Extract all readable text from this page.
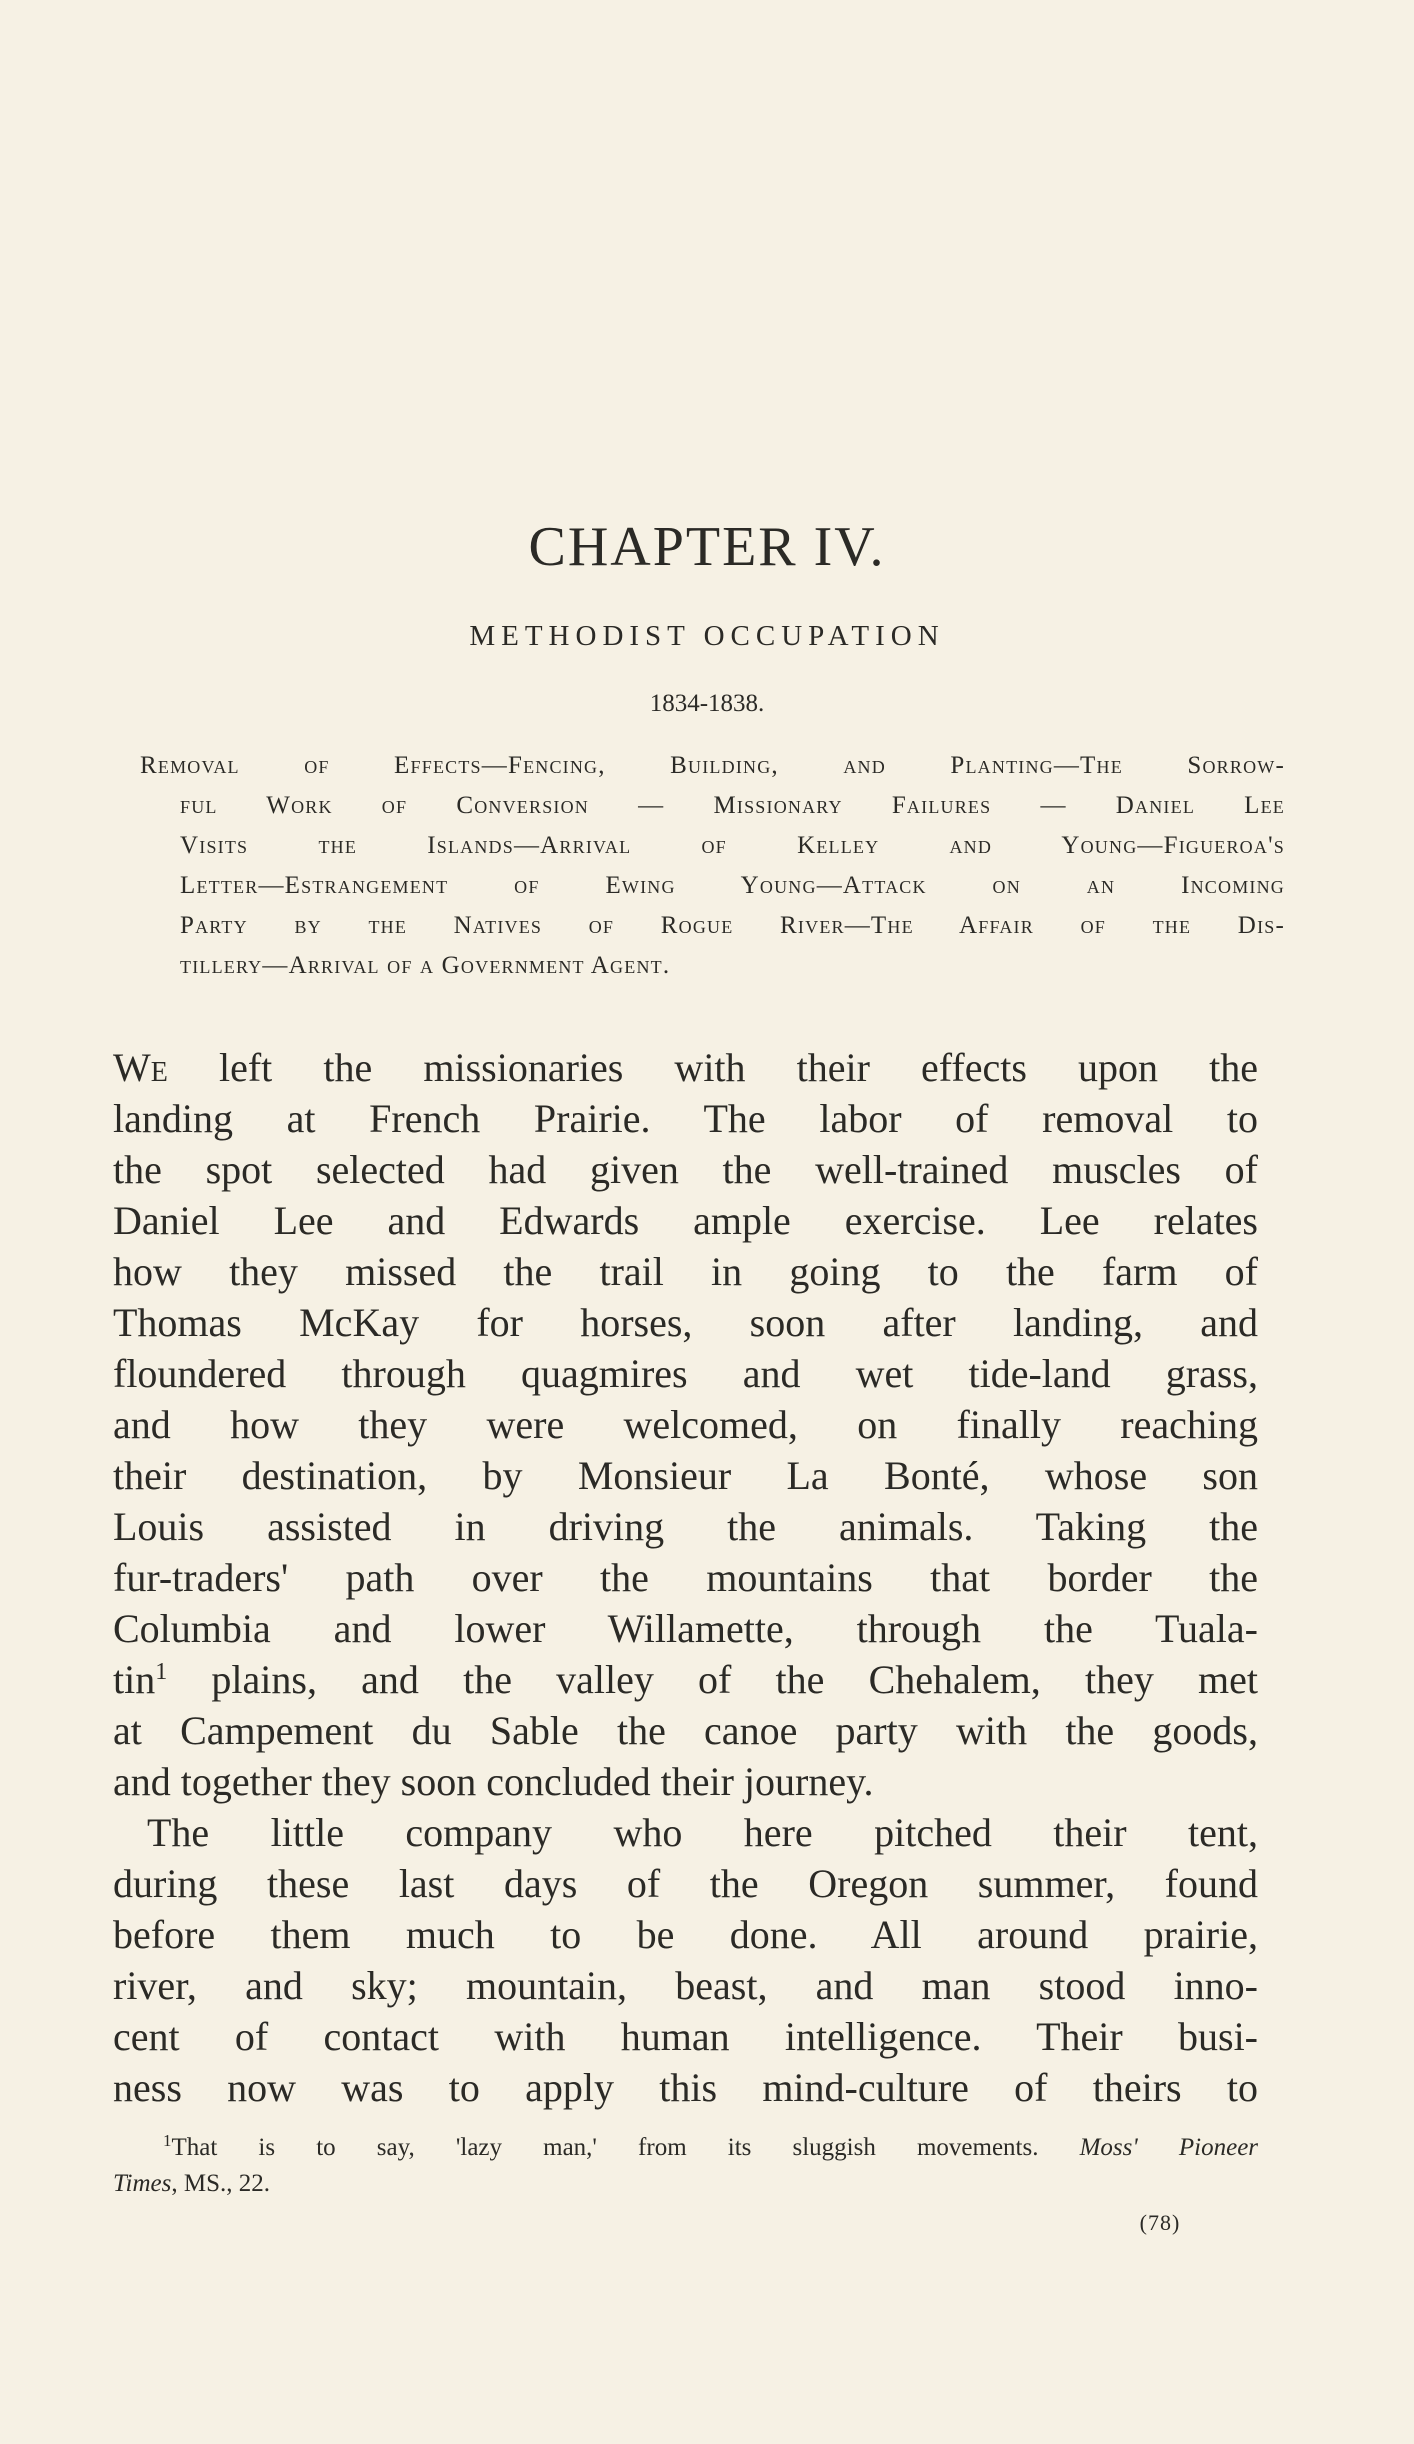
CHAPTER IV.
METHODIST OCCUPATION
1834-1838.
Removal of Effects—Fencing, Building, and Planting—The Sorrow-
ful Work of Conversion — Missionary Failures — Daniel Lee
Visits the Islands—Arrival of Kelley and Young—Figueroa's
Letter—Estrangement of Ewing Young—Attack on an Incoming
Party by the Natives of Rogue River—The Affair of the Dis-
tillery—Arrival of a Government Agent.
We left the missionaries with their effects upon the
landing at French Prairie. The labor of removal to
the spot selected had given the well-trained muscles of
Daniel Lee and Edwards ample exercise. Lee relates
how they missed the trail in going to the farm of
Thomas McKay for horses, soon after landing, and
floundered through quagmires and wet tide-land grass,
and how they were welcomed, on finally reaching
their destination, by Monsieur La Bonté, whose son
Louis assisted in driving the animals. Taking the
fur-traders' path over the mountains that border the
Columbia and lower Willamette, through the Tuala-
tin$^1$ plains, and the valley of the Chehalem, they met
at Campement du Sable the canoe party with the goods,
and together they soon concluded their journey.
The little company who here pitched their tent,
during these last days of the Oregon summer, found
before them much to be done. All around prairie,
river, and sky; mountain, beast, and man stood inno-
cent of contact with human intelligence. Their busi-
ness now was to apply this mind-culture of theirs to
$^1$That is to say, 'lazy man,' from its sluggish movements. Moss' Pioneer
Times, MS., 22.
(78)
